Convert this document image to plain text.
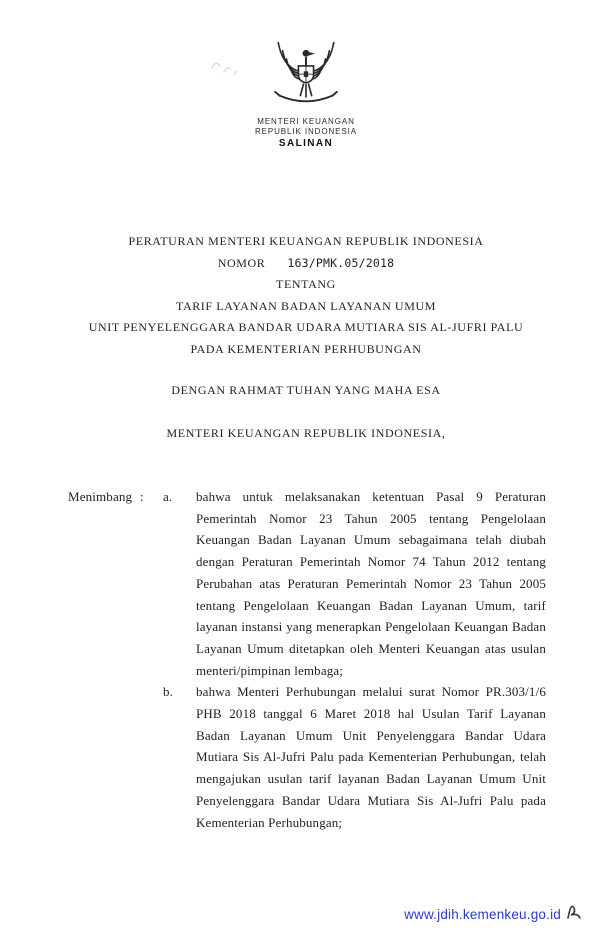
MENTERI KEUANGAN
REPUBLIK INDONESIA
SALINAN
PERATURAN MENTERI KEUANGAN REPUBLIK INDONESIA
NOMOR 163/PMK.05/2018
TENTANG
TARIF LAYANAN BADAN LAYANAN UMUM
UNIT PENYELENGGARA BANDAR UDARA MUTIARA SIS AL-JUFRI PALU
PADA KEMENTERIAN PERHUBUNGAN
DENGAN RAHMAT TUHAN YANG MAHA ESA
MENTERI KEUANGAN REPUBLIK INDONESIA,
Menimbang :	a.	bahwa untuk melaksanakan ketentuan Pasal 9 Peraturan Pemerintah Nomor 23 Tahun 2005 tentang Pengelolaan Keuangan Badan Layanan Umum sebagaimana telah diubah dengan Peraturan Pemerintah Nomor 74 Tahun 2012 tentang Perubahan atas Peraturan Pemerintah Nomor 23 Tahun 2005 tentang Pengelolaan Keuangan Badan Layanan Umum, tarif layanan instansi yang menerapkan Pengelolaan Keuangan Badan Layanan Umum ditetapkan oleh Menteri Keuangan atas usulan menteri/pimpinan lembaga;
b.	bahwa Menteri Perhubungan melalui surat Nomor PR.303/1/6 PHB 2018 tanggal 6 Maret 2018 hal Usulan Tarif Layanan Badan Layanan Umum Unit Penyelenggara Bandar Udara Mutiara Sis Al-Jufri Palu pada Kementerian Perhubungan, telah mengajukan usulan tarif layanan Badan Layanan Umum Unit Penyelenggara Bandar Udara Mutiara Sis Al-Jufri Palu pada Kementerian Perhubungan;
www.jdih.kemenkeu.go.id
